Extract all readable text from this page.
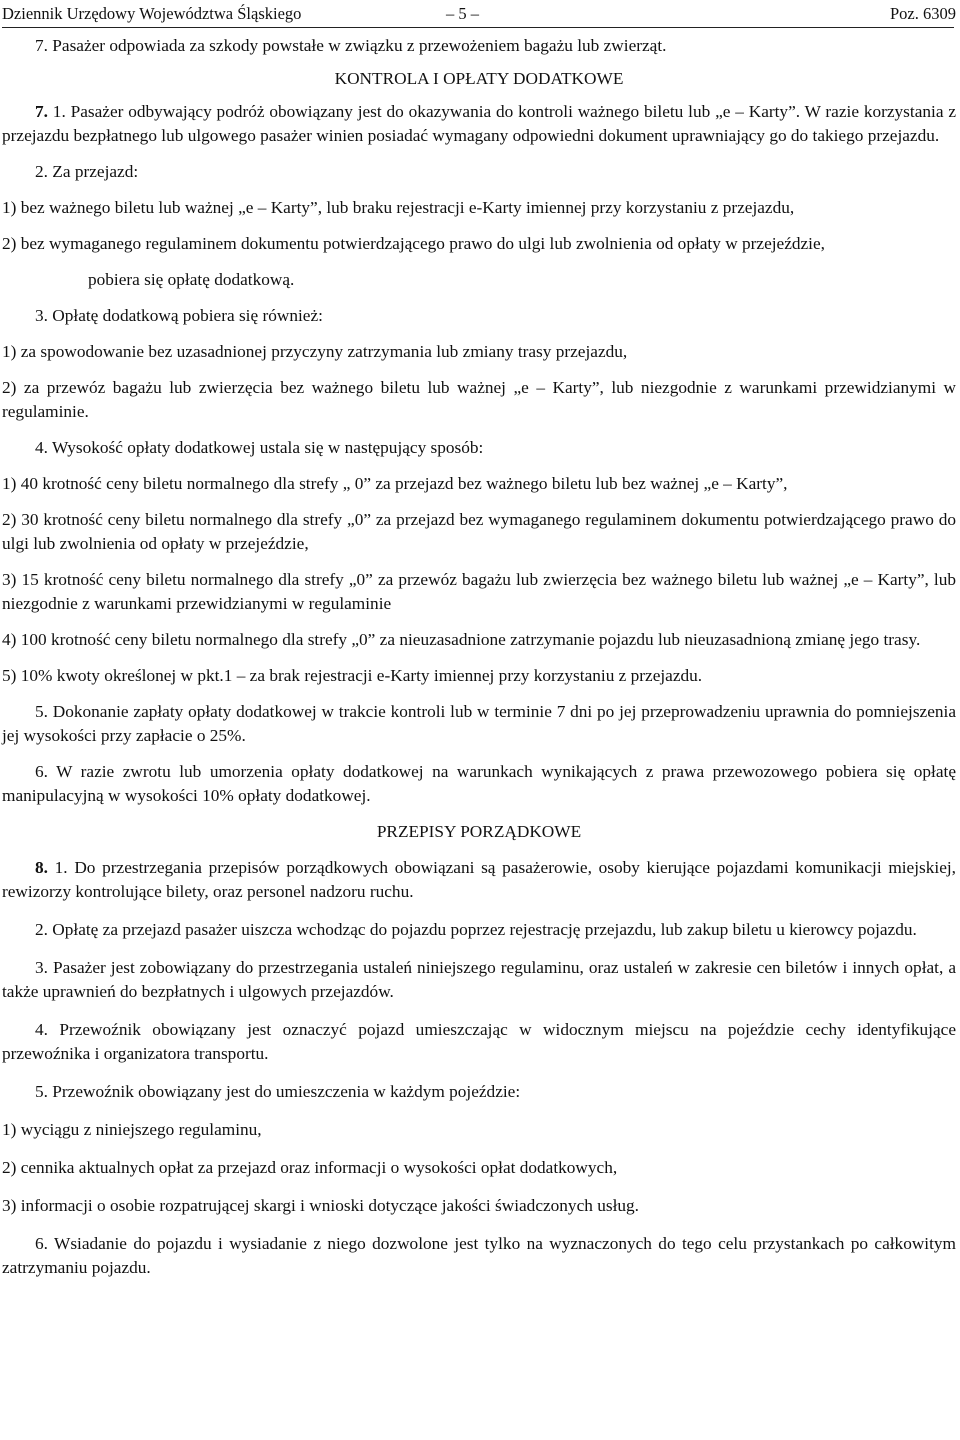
Dziennik Urzędowy Województwa Śląskiego	– 5 –	Poz. 6309

7. Pasażer odpowiada za szkody powstałe w związku z przewożeniem bagażu lub zwierząt.

KONTROLA I OPŁATY DODATKOWE

7. 1. Pasażer odbywający podróż obowiązany jest do okazywania do kontroli ważnego biletu lub „e – Karty”. W razie korzystania z przejazdu bezpłatnego lub ulgowego pasażer winien posiadać wymagany odpowiedni dokument uprawniający go do takiego przejazdu.

2. Za przejazd:

1) bez ważnego biletu lub ważnej „e – Karty”, lub braku rejestracji e-Karty imiennej przy korzystaniu z przejazdu,

2) bez wymaganego regulaminem dokumentu potwierdzającego prawo do ulgi lub zwolnienia od opłaty w przejeździe,

pobiera się opłatę dodatkową.

3. Opłatę dodatkową pobiera się również:

1) za spowodowanie bez uzasadnionej przyczyny zatrzymania lub zmiany trasy przejazdu,

2) za przewóz bagażu lub zwierzęcia bez ważnego biletu lub ważnej „e – Karty”, lub niezgodnie z warunkami przewidzianymi w regulaminie.

4. Wysokość opłaty dodatkowej ustala się w następujący sposób:

1) 40 krotność ceny biletu normalnego dla strefy „ 0” za przejazd bez ważnego biletu lub bez ważnej „e – Karty”,

2) 30 krotność ceny biletu normalnego dla strefy „0” za przejazd bez wymaganego regulaminem dokumentu potwierdzającego prawo do ulgi lub zwolnienia od opłaty w przejeździe,

3) 15 krotność ceny biletu normalnego dla strefy „0” za przewóz bagażu lub zwierzęcia bez ważnego biletu lub ważnej „e – Karty”, lub niezgodnie z warunkami przewidzianymi w regulaminie

4) 100 krotność ceny biletu normalnego dla strefy „0” za nieuzasadnione zatrzymanie pojazdu lub nieuzasadnioną zmianę jego trasy.

5) 10% kwoty określonej w pkt.1 – za brak rejestracji e-Karty imiennej przy korzystaniu z przejazdu.

5. Dokonanie zapłaty opłaty dodatkowej w trakcie kontroli lub w terminie 7 dni po jej przeprowadzeniu uprawnia do pomniejszenia jej wysokości przy zapłacie o 25%.

6. W razie zwrotu lub umorzenia opłaty dodatkowej na warunkach wynikających z prawa przewozowego pobiera się opłatę manipulacyjną w wysokości 10% opłaty dodatkowej.

PRZEPISY PORZĄDKOWE

8. 1. Do przestrzegania przepisów porządkowych obowiązani są pasażerowie, osoby kierujące pojazdami komunikacji miejskiej, rewizorzy kontrolujące bilety, oraz personel nadzoru ruchu.

2. Opłatę za przejazd pasażer uiszcza wchodząc do pojazdu poprzez rejestrację przejazdu, lub zakup biletu u kierowcy pojazdu.

3. Pasażer jest zobowiązany do przestrzegania ustaleń niniejszego regulaminu, oraz ustaleń w zakresie cen biletów i innych opłat, a także uprawnień do bezpłatnych i ulgowych przejazdów.

4. Przewoźnik obowiązany jest oznaczyć pojazd umieszczając w widocznym miejscu na pojeździe cechy identyfikujące przewoźnika i organizatora transportu.

5. Przewoźnik obowiązany jest do umieszczenia w każdym pojeździe:

1) wyciągu z niniejszego regulaminu,

2) cennika aktualnych opłat za przejazd oraz informacji o wysokości opłat dodatkowych,

3) informacji o osobie rozpatrującej skargi i wnioski dotyczące jakości świadczonych usług.

6. Wsiadanie do pojazdu i wysiadanie z niego dozwolone jest tylko na wyznaczonych do tego celu przystankach po całkowitym zatrzymaniu pojazdu.
